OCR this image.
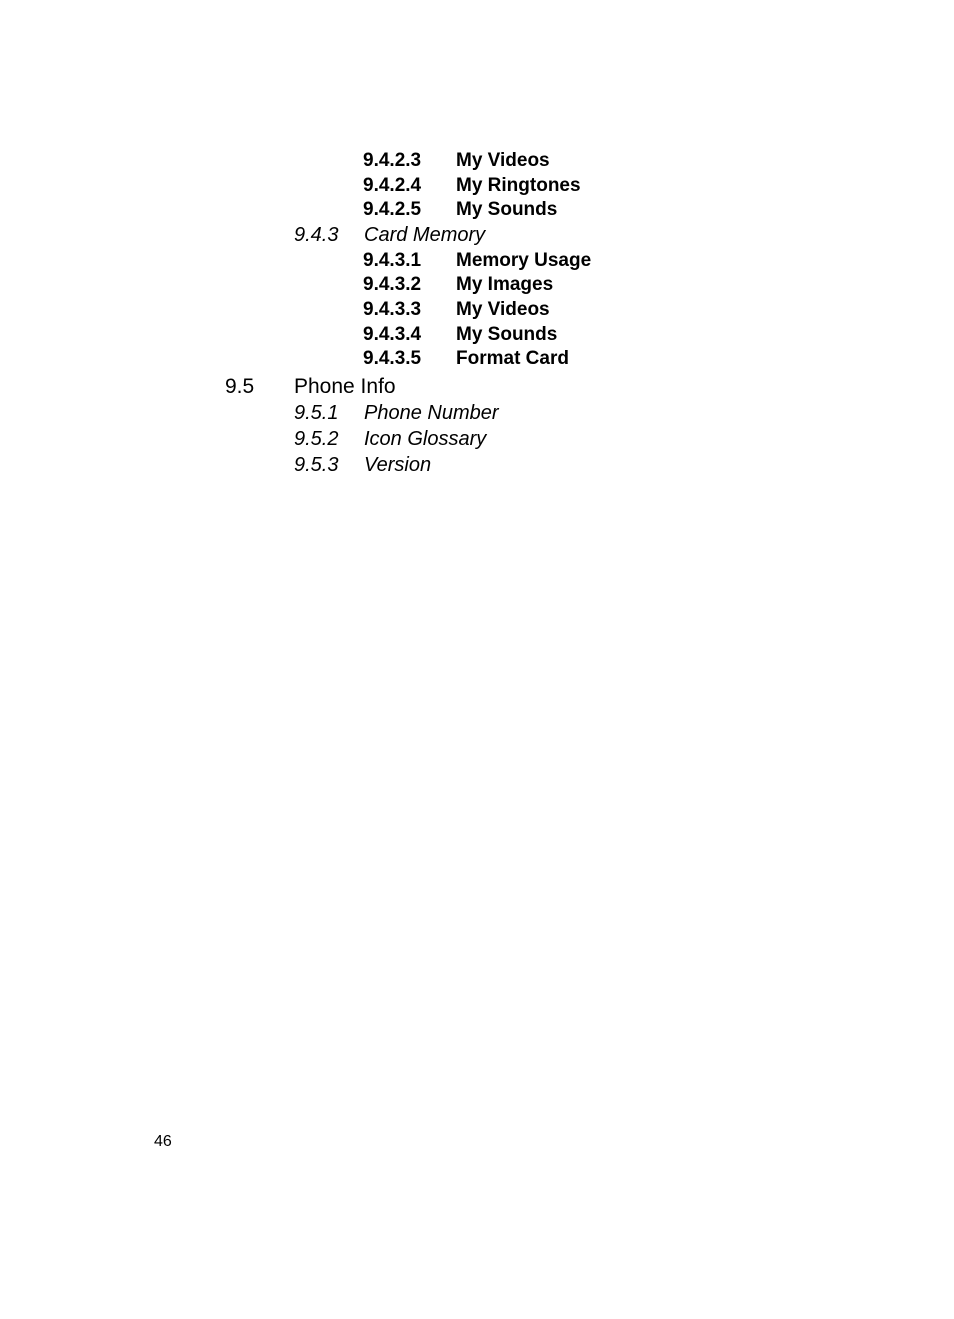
9.4.2.3 My Videos
9.4.2.4 My Ringtones
9.4.2.5 My Sounds
9.4.3 Card Memory
9.4.3.1 Memory Usage
9.4.3.2 My Images
9.4.3.3 My Videos
9.4.3.4 My Sounds
9.4.3.5 Format Card
9.5 Phone Info
9.5.1 Phone Number
9.5.2 Icon Glossary
9.5.3 Version
46
